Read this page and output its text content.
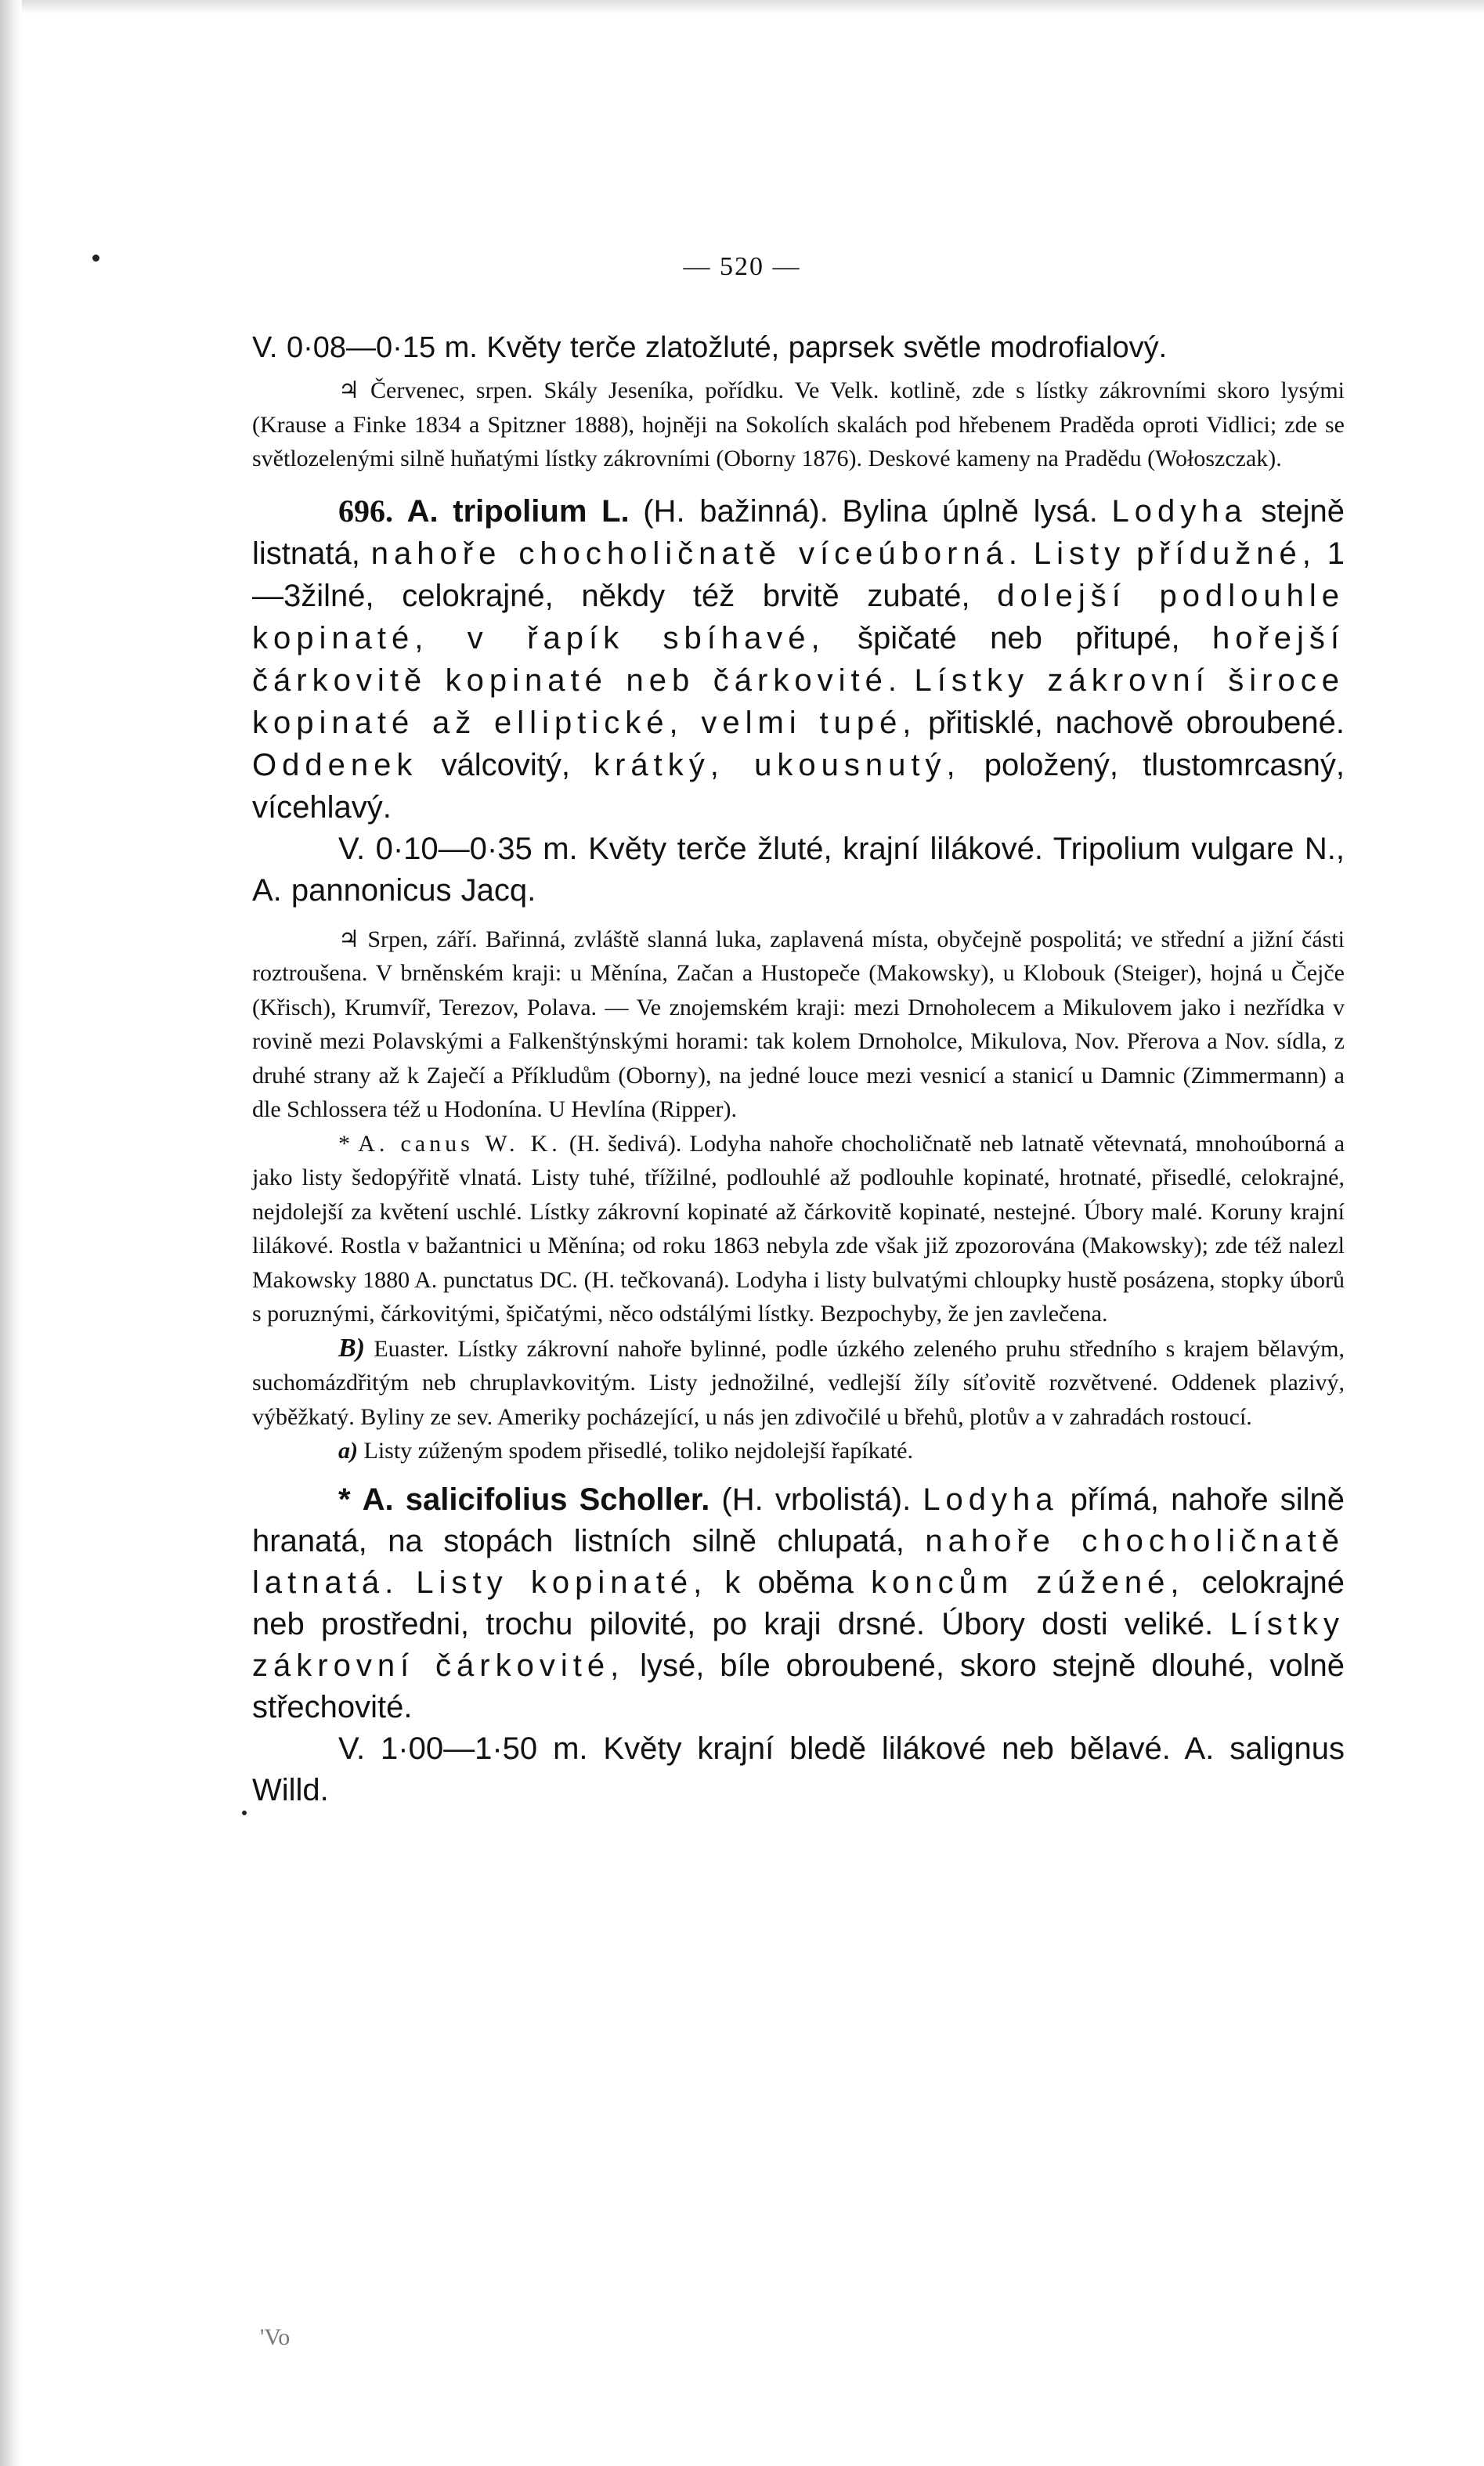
— 520 —

V. 0·08—0·15 m. Květy terče zlatožluté, paprsek světle modrofialový.

♃ Červenec, srpen. Skály Jeseníka, pořídku. Ve Velk. kotlině, zde s lístky zákrovními skoro lysými (Krause a Finke 1834 a Spitzner 1888), hojněji na Sokolích skalách pod hřebenem Praděda oproti Vidlici; zde se světlozelenými silně huňatými lístky zákrovními (Oborny 1876). Deskové kameny na Pradědu (Wołoszczak).

696. A. tripolium L. (H. bažinná). Bylina úplně lysá. Lodyha stejně listnatá, nahoře chocholičnatě víceúborná. Listy přídužné, 1—3žilné, celokrajné, někdy též brvitě zubaté, dolejší podlouhle kopinaté, v řapík sbíhavé, špičaté neb přitupé, hořejší čárkovitě kopinaté neb čárkovité. Lístky zákrovní široce kopinaté až elliptické, velmi tupé, přitisklé, nachově obroubené. Oddenek válcovitý, krátký, ukousnutý, položený, tlustomrcasný, vícehlavý.

V. 0·10—0·35 m. Květy terče žluté, krajní lilákové. Tripolium vulgare N., A. pannonicus Jacq.

♃ Srpen, září. Bařinná, zvláště slanná luka, zaplavená místa, obyčejně pospolitá; ve střední a jižní části roztroušena. V brněnském kraji: u Měnína, Začan a Hustopeče (Makowsky), u Klobouk (Steiger), hojná u Čejče (Křisch), Krumvíř, Terezov, Polava. — Ve znojemském kraji: mezi Drnoholecem a Mikulovem jako i nezřídka v rovině mezi Polavskými a Falkenštýnskými horami: tak kolem Drnoholce, Mikulova, Nov. Přerova a Nov. sídla, z druhé strany až k Zaječí a Příkludům (Oborny), na jedné louce mezi vesnicí a stanicí u Damnic (Zimmermann) a dle Schlossera též u Hodonína. U Hevlína (Ripper).

* A. canus W. K. (H. šedivá). Lodyha nahoře chocholičnatě neb latnatě větevnatá, mnohoúborná a jako listy šedopýřitě vlnatá. Listy tuhé, třížilné, podlouhlé až podlouhle kopinaté, hrotnaté, přisedlé, celokrajné, nejdolejší za květení uschlé. Lístky zákrovní kopinaté až čárkovitě kopinaté, nestejné. Úbory malé. Koruny krajní lilákové. Rostla v bažantnici u Měnína; od roku 1863 nebyla zde však již zpozorována (Makowsky); zde též nalezl Makowsky 1880 A. punctatus DC. (H. tečkovaná). Lodyha i listy bulvatými chloupky hustě posázena, stopky úborů s poruznými, čárkovitými, špičatými, něco odstálými lístky. Bezpochyby, že jen zavlečena.

B) Euaster. Lístky zákrovní nahoře bylinné, podle úzkého zeleného pruhu středního s krajem bělavým, suchomázdřitým neb chruplavkovitým. Listy jednožilné, vedlejší žíly síťovitě rozvětvené. Oddenek plazivý, výběžkatý. Byliny ze sev. Ameriky pocházející, u nás jen zdivočilé u břehů, plotův a v zahradách rostoucí.

a) Listy zúženým spodem přisedlé, toliko nejdolejší řapíkaté.

* A. salicifolius Scholler. (H. vrbolistá). Lodyha přímá, nahoře silně hranatá, na stopách listních silně chlupatá, nahoře chocholičnatě latnatá. Listy kopinaté, k oběma koncům zúžené, celokrajné neb prostředni, trochu pilovité, po kraji drsné. Úbory dosti veliké. Lístky zákrovní čárkovité, lysé, bíle obroubené, skoro stejně dlouhé, volně střechovité.

V. 1·00—1·50 m. Květy krajní bledě lilákové neb bělavé. A. salignus Willd.

'Vo
